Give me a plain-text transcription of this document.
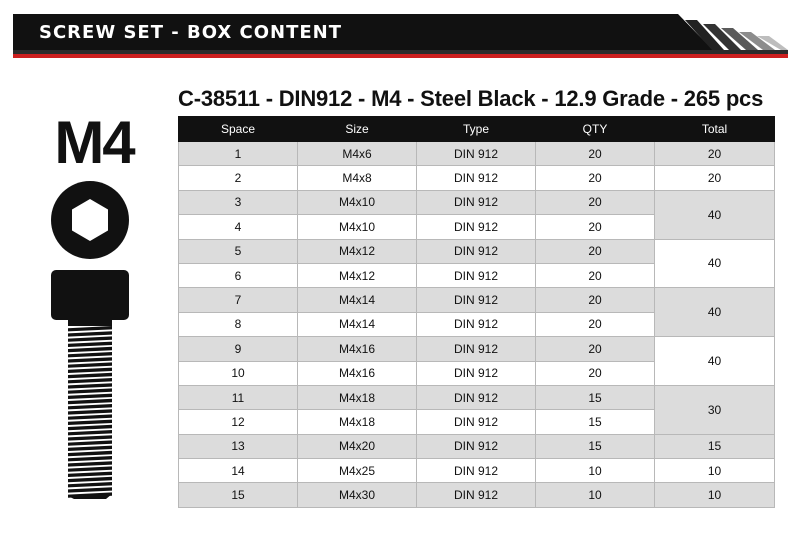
SCREW SET - BOX CONTENT
C-38511 - DIN912 - M4 - Steel Black - 12.9 Grade - 265 pcs
M4	Space	Size	Type	QTY	Total
1	M4x6	DIN 912	20	20
2	M4x8	DIN 912	20	20
3	M4x10	DIN 912	20	40
4	M4x10	DIN 912	20	
5	M4x12	DIN 912	20	40
6	M4x12	DIN 912	20	
7	M4x14	DIN 912	20	40
8	M4x14	DIN 912	20	
9	M4x16	DIN 912	20	40
10	M4x16	DIN 912	20	
11	M4x18	DIN 912	15	30
12	M4x18	DIN 912	15	
13	M4x20	DIN 912	15	15
14	M4x25	DIN 912	10	10
15	M4x30	DIN 912	10	10
